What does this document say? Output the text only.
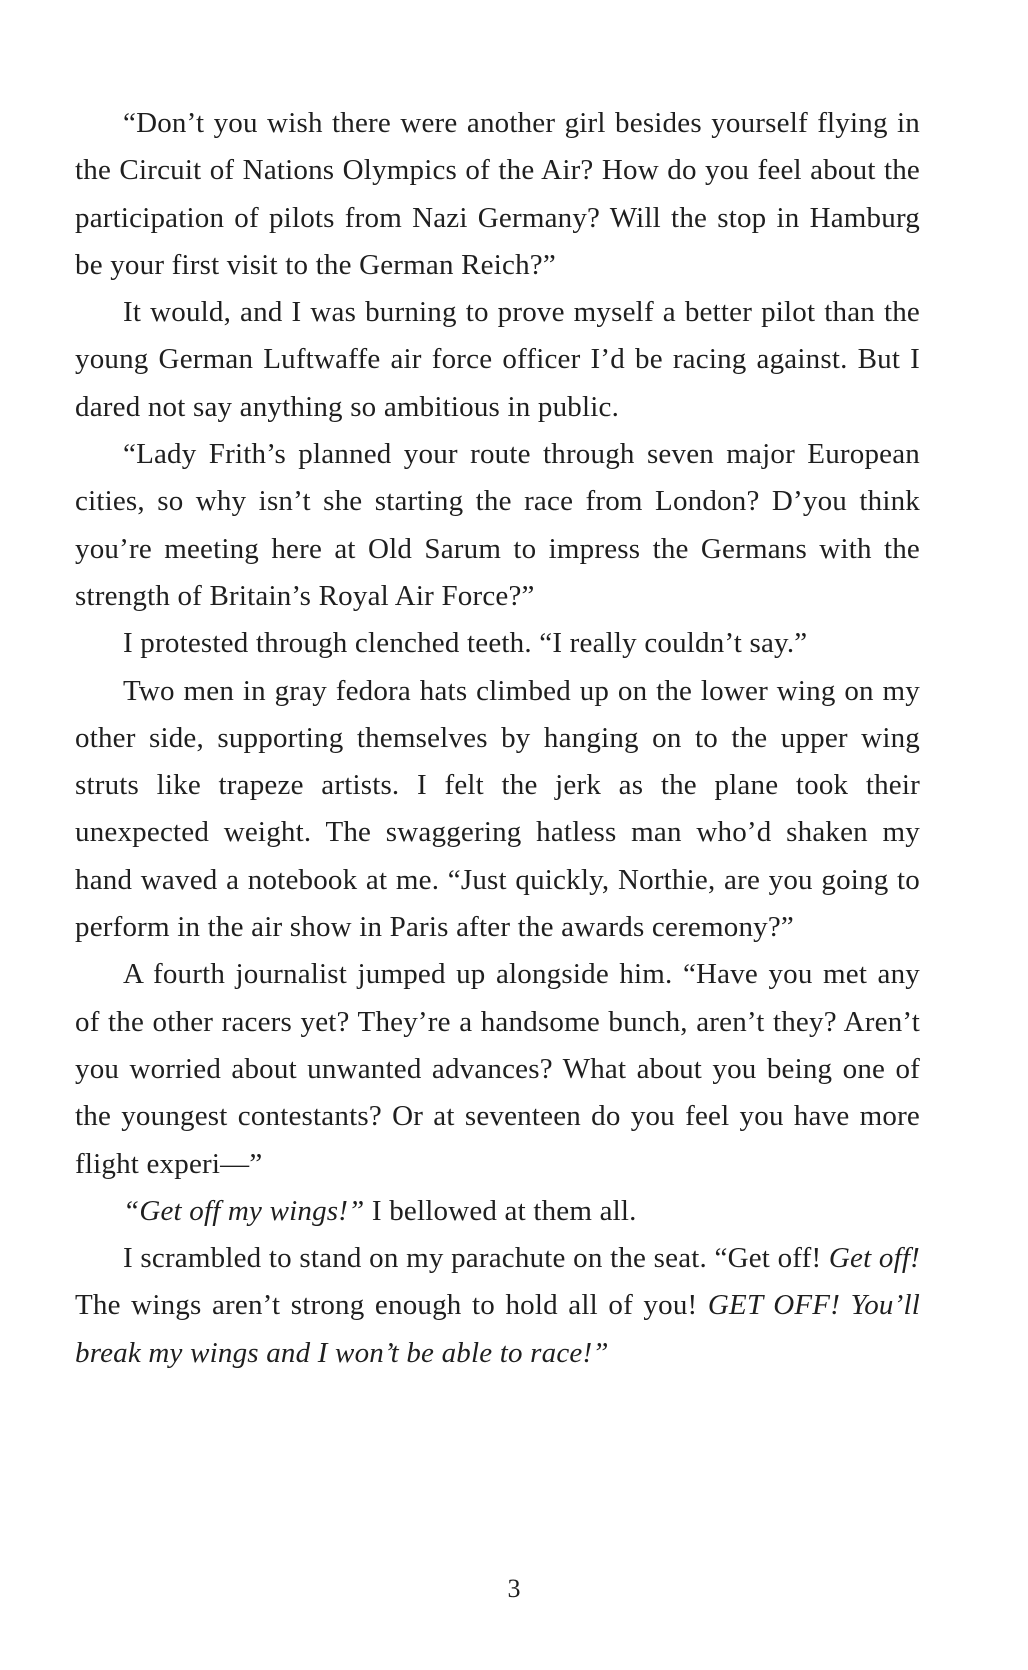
“Don’t you wish there were another girl besides yourself flying in the Circuit of Nations Olympics of the Air? How do you feel about the participation of pilots from Nazi Germany? Will the stop in Hamburg be your first visit to the German Reich?”

It would, and I was burning to prove myself a better pilot than the young German Luftwaffe air force officer I’d be racing against. But I dared not say anything so ambitious in public.

“Lady Frith’s planned your route through seven major European cities, so why isn’t she starting the race from London? D’you think you’re meeting here at Old Sarum to impress the Germans with the strength of Britain’s Royal Air Force?”

I protested through clenched teeth. “I really couldn’t say.”

Two men in gray fedora hats climbed up on the lower wing on my other side, supporting themselves by hanging on to the upper wing struts like trapeze artists. I felt the jerk as the plane took their unexpected weight. The swaggering hatless man who’d shaken my hand waved a notebook at me. “Just quickly, Northie, are you going to perform in the air show in Paris after the awards ceremony?”

A fourth journalist jumped up alongside him. “Have you met any of the other racers yet? They’re a handsome bunch, aren’t they? Aren’t you worried about unwanted advances? What about you being one of the youngest contestants? Or at seventeen do you feel you have more flight experi—”

“Get off my wings!” I bellowed at them all.

I scrambled to stand on my parachute on the seat. “Get off! Get off! The wings aren’t strong enough to hold all of you! GET OFF! You’ll break my wings and I won’t be able to race!”

3
